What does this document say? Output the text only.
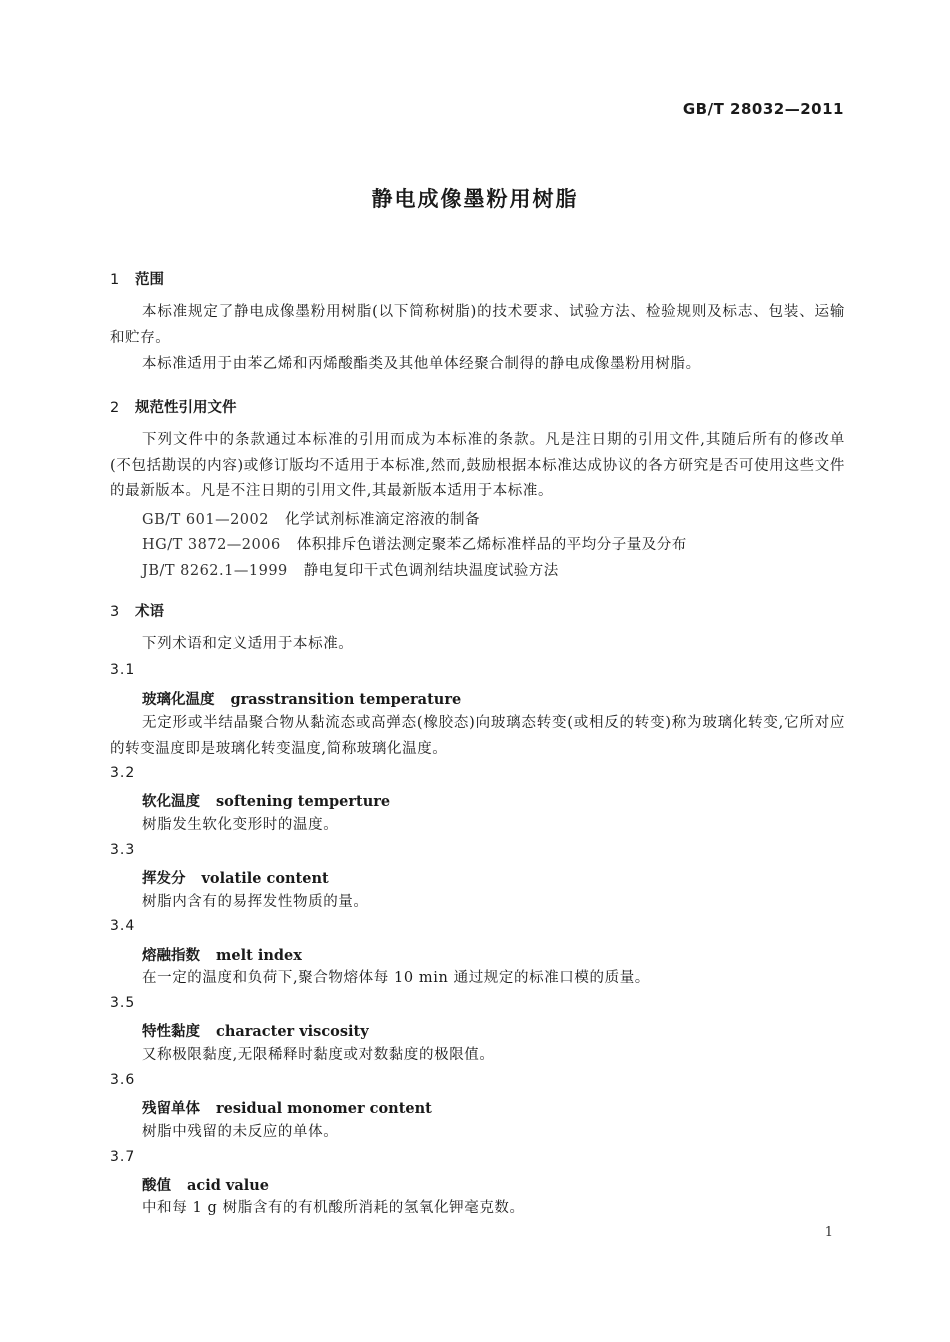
GB/T 28032—2011
静电成像墨粉用树脂
1 范围
本标准规定了静电成像墨粉用树脂(以下简称树脂)的技术要求、试验方法、检验规则及标志、包装、运输和贮存。
本标准适用于由苯乙烯和丙烯酸酯类及其他单体经聚合制得的静电成像墨粉用树脂。
2 规范性引用文件
下列文件中的条款通过本标准的引用而成为本标准的条款。凡是注日期的引用文件,其随后所有的修改单(不包括勘误的内容)或修订版均不适用于本标准,然而,鼓励根据本标准达成协议的各方研究是否可使用这些文件的最新版本。凡是不注日期的引用文件,其最新版本适用于本标准。
GB/T 601—2002 化学试剂标准滴定溶液的制备
HG/T 3872—2006 体积排斥色谱法测定聚苯乙烯标准样品的平均分子量及分布
JB/T 8262.1—1999 静电复印干式色调剂结块温度试验方法
3 术语
下列术语和定义适用于本标准。
3.1
玻璃化温度 grasstransition temperature
无定形或半结晶聚合物从黏流态或高弹态(橡胶态)向玻璃态转变(或相反的转变)称为玻璃化转变,它所对应的转变温度即是玻璃化转变温度,简称玻璃化温度。
3.2
软化温度 softening temperture
树脂发生软化变形时的温度。
3.3
挥发分 volatile content
树脂内含有的易挥发性物质的量。
3.4
熔融指数 melt index
在一定的温度和负荷下,聚合物熔体每 10 min 通过规定的标准口模的质量。
3.5
特性黏度 character viscosity
又称极限黏度,无限稀释时黏度或对数黏度的极限值。
3.6
残留单体 residual monomer content
树脂中残留的未反应的单体。
3.7
酸值 acid value
中和每 1 g 树脂含有的有机酸所消耗的氢氧化钾毫克数。
1
